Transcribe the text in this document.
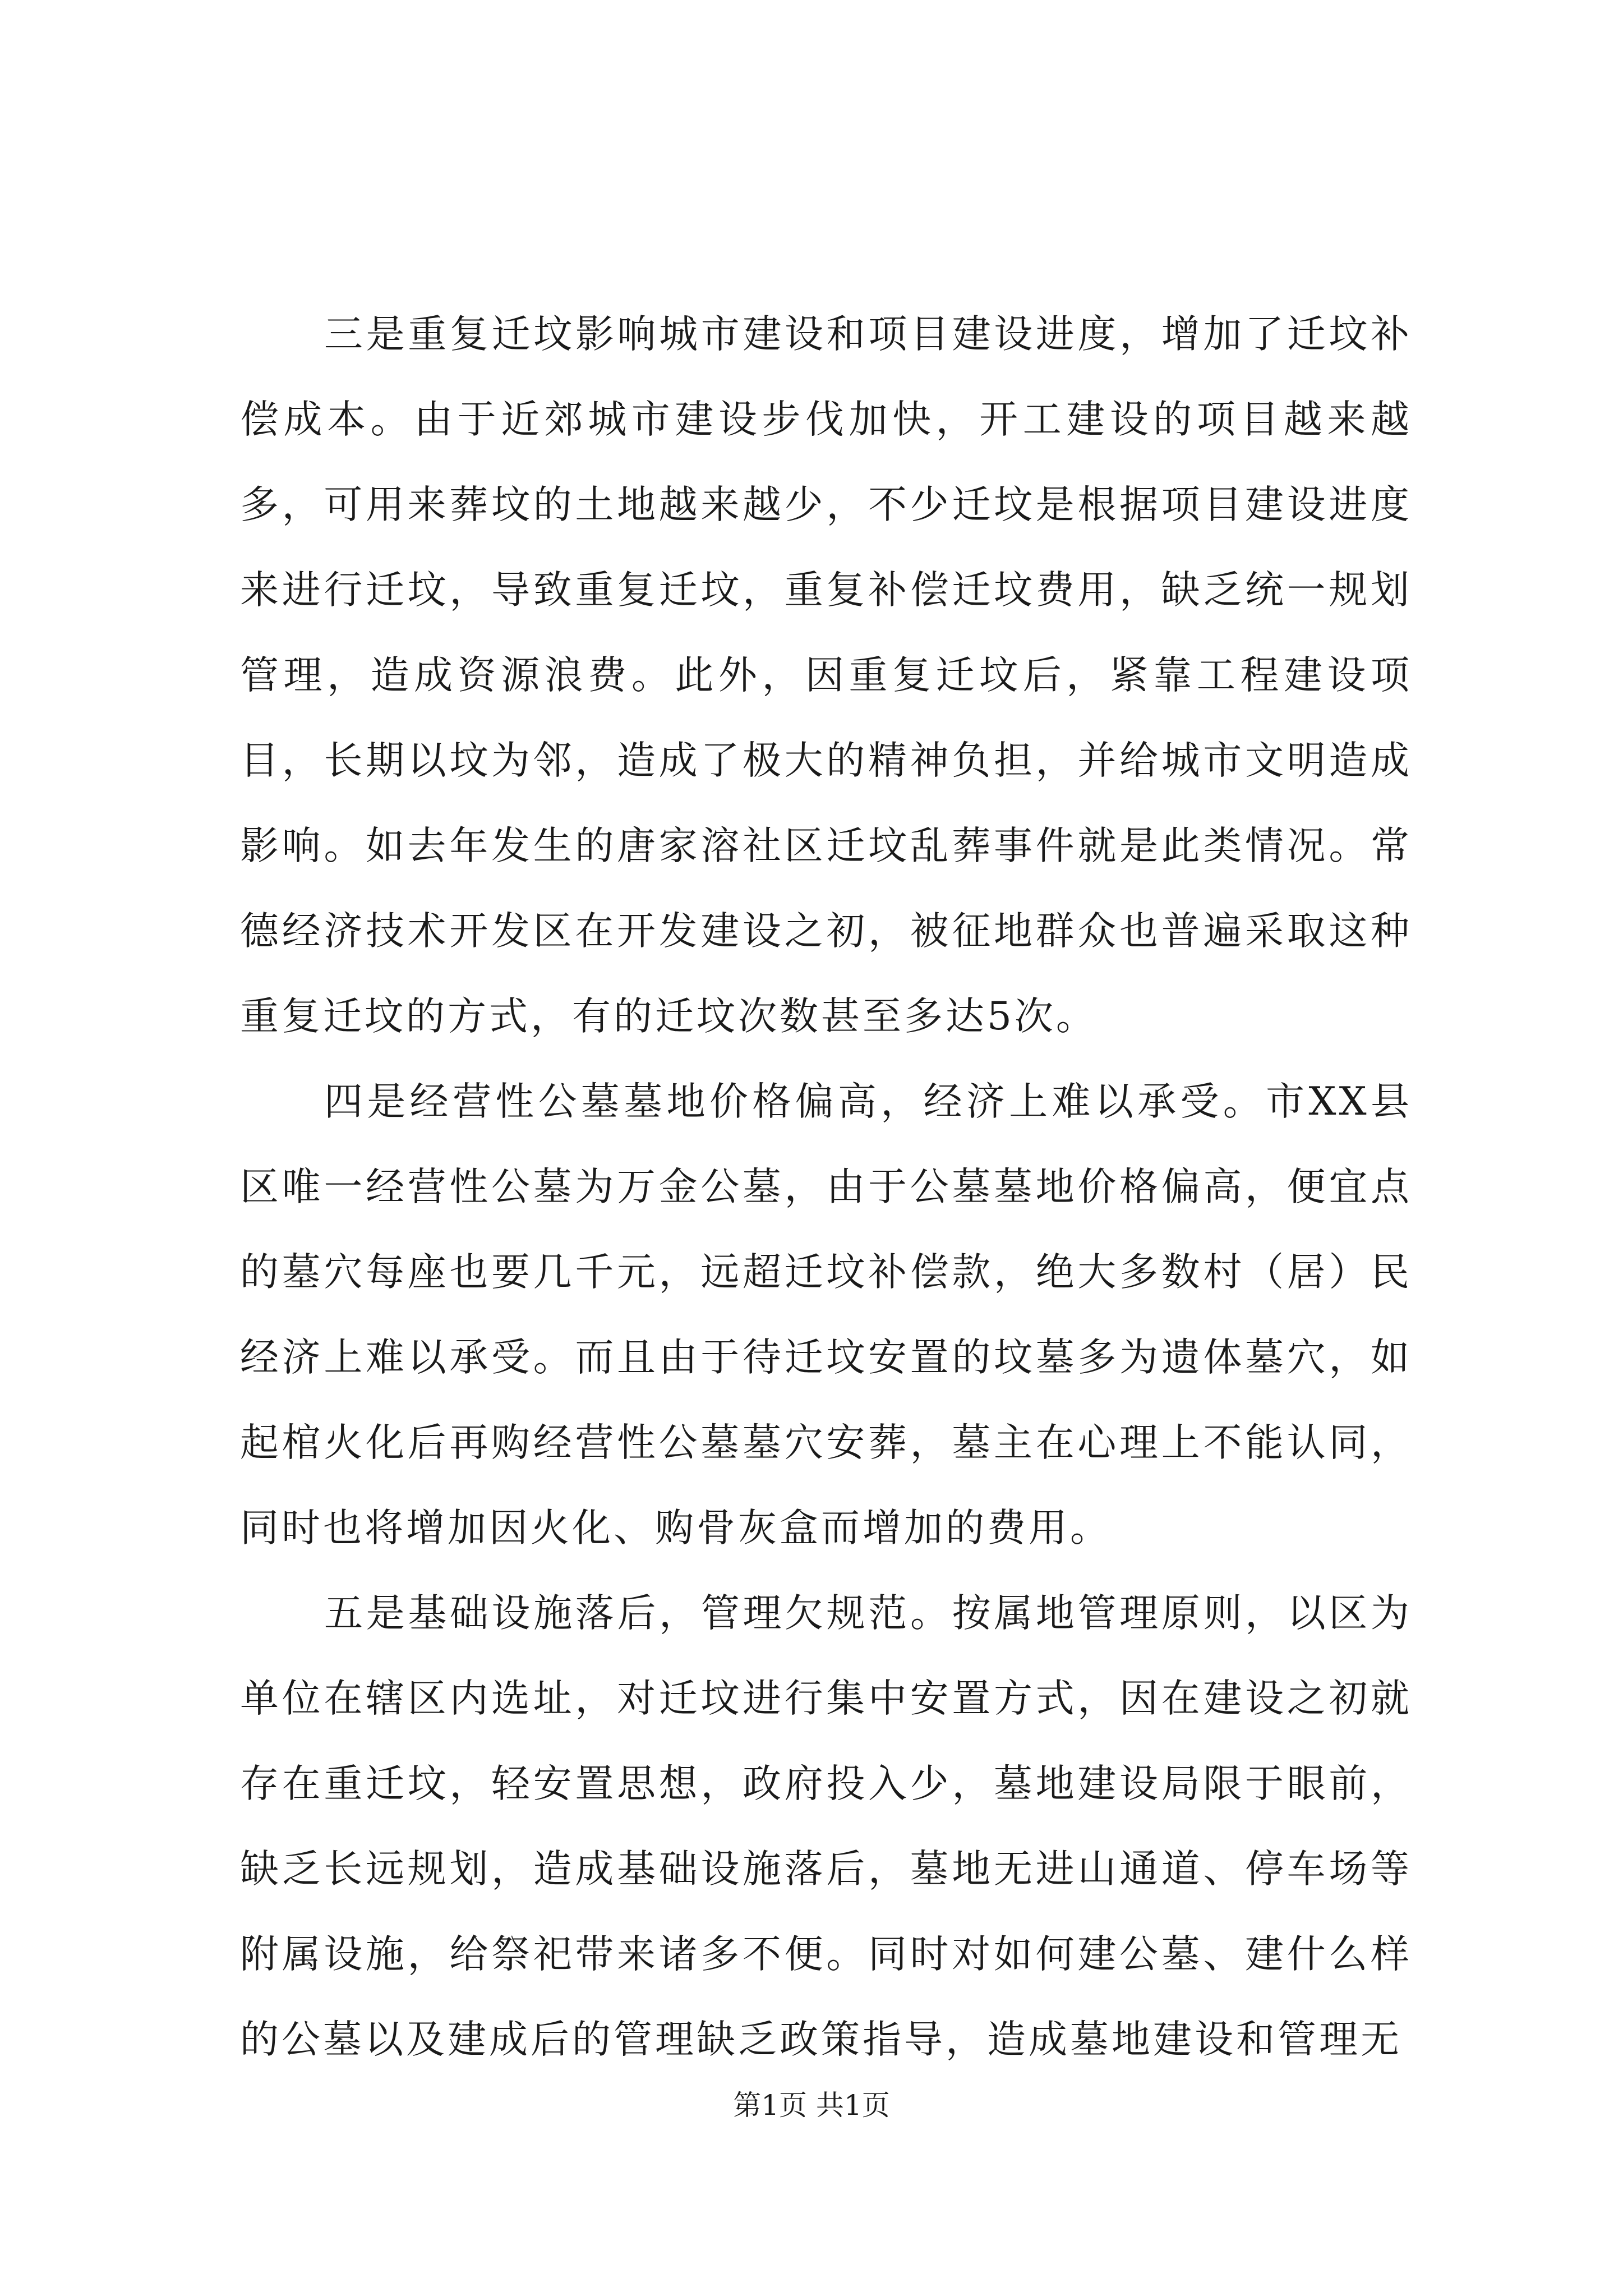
三是重复迁坟影响城市建设和项目建设进度，增加了迁坟补偿成本。由于近郊城市建设步伐加快，开工建设的项目越来越多，可用来葬坟的土地越来越少，不少迁坟是根据项目建设进度来进行迁坟，导致重复迁坟，重复补偿迁坟费用，缺乏统一规划管理，造成资源浪费。此外，因重复迁坟后，紧靠工程建设项目，长期以坟为邻，造成了极大的精神负担，并给城市文明造成影响。如去年发生的唐家溶社区迁坟乱葬事件就是此类情况。常德经济技术开发区在开发建设之初，被征地群众也普遍采取这种重复迁坟的方式，有的迁坟次数甚至多达5次。

四是经营性公墓墓地价格偏高，经济上难以承受。市XX县区唯一经营性公墓为万金公墓，由于公墓墓地价格偏高，便宜点的墓穴每座也要几千元，远超迁坟补偿款，绝大多数村（居）民经济上难以承受。而且由于待迁坟安置的坟墓多为遗体墓穴，如起棺火化后再购经营性公墓墓穴安葬，墓主在心理上不能认同，同时也将增加因火化、购骨灰盒而增加的费用。

五是基础设施落后，管理欠规范。按属地管理原则，以区为单位在辖区内选址，对迁坟进行集中安置方式，因在建设之初就存在重迁坟，轻安置思想，政府投入少，墓地建设局限于眼前，缺乏长远规划，造成基础设施落后，墓地无进山通道、停车场等附属设施，给祭祀带来诸多不便。同时对如何建公墓、建什么样的公墓以及建成后的管理缺乏政策指导，造成墓地建设和管理无

第1页 共1页
